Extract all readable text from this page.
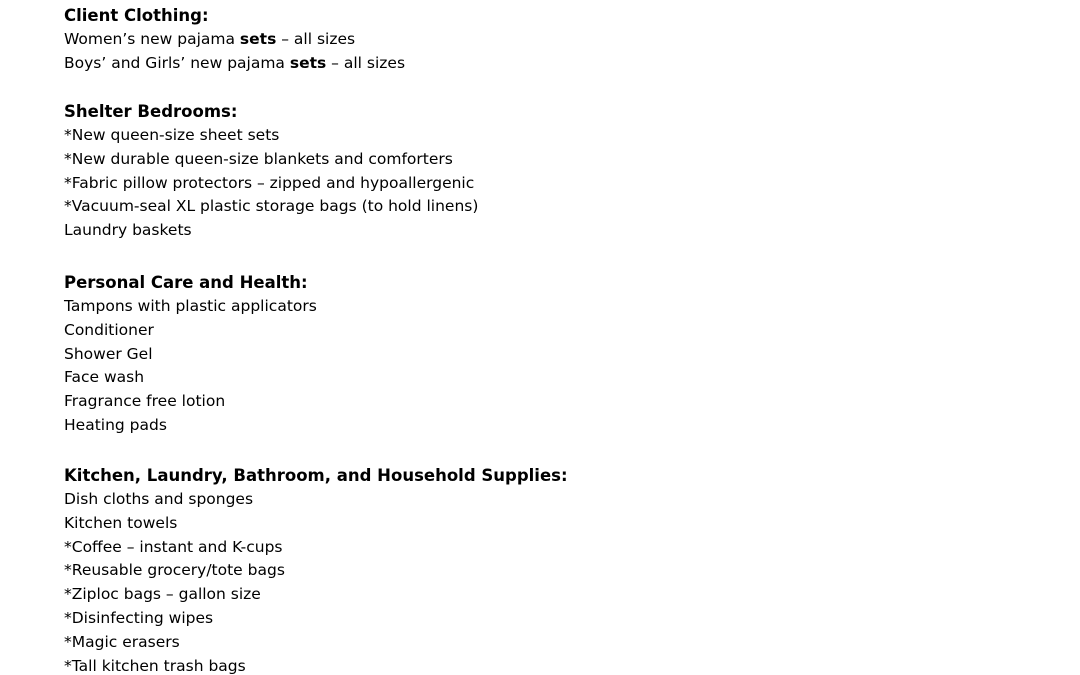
Client Clothing:
Women’s new pajama sets – all sizes
Boys’ and Girls’ new pajama sets – all sizes
Shelter Bedrooms:
*New queen-size sheet sets
*New durable queen-size blankets and comforters
*Fabric pillow protectors – zipped and hypoallergenic
*Vacuum-seal XL plastic storage bags (to hold linens)
Laundry baskets
Personal Care and Health:
Tampons with plastic applicators
Conditioner
Shower Gel
Face wash
Fragrance free lotion
Heating pads
Kitchen, Laundry, Bathroom, and Household Supplies:
Dish cloths and sponges
Kitchen towels
*Coffee – instant and K-cups
*Reusable grocery/tote bags
*Ziploc bags – gallon size
*Disinfecting wipes
*Magic erasers
*Tall kitchen trash bags
